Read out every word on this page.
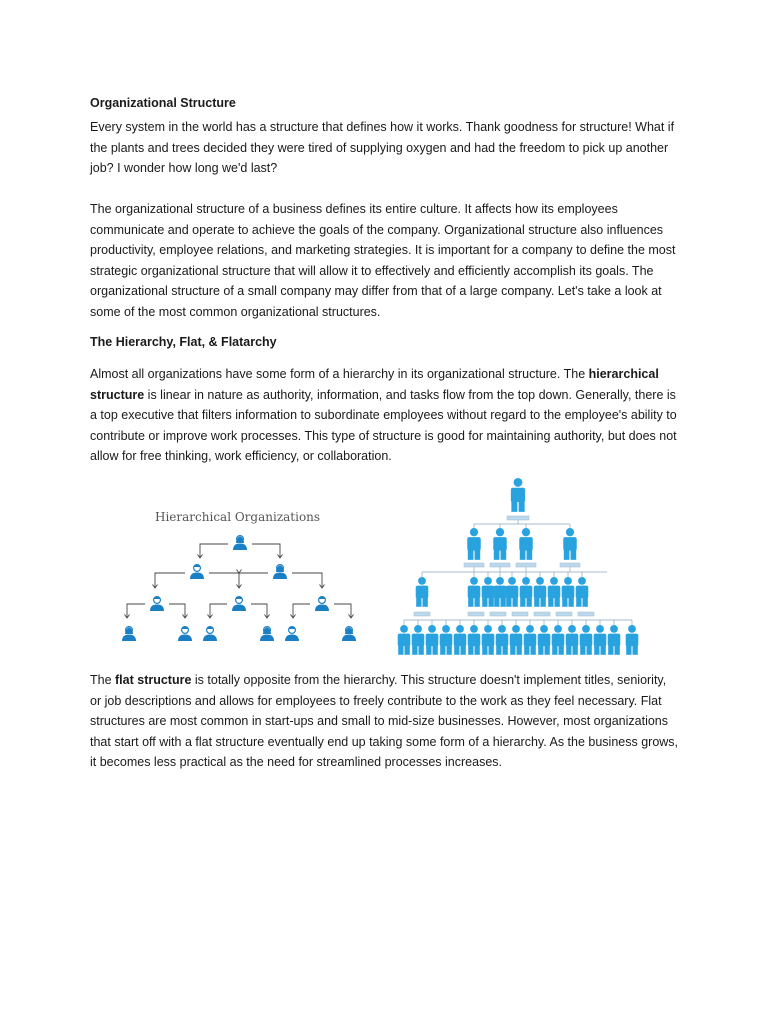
Organizational Structure

Every system in the world has a structure that defines how it works. Thank goodness for structure! What if the plants and trees decided they were tired of supplying oxygen and had the freedom to pick up another job? I wonder how long we'd last?

The organizational structure of a business defines its entire culture. It affects how its employees communicate and operate to achieve the goals of the company. Organizational structure also influences productivity, employee relations, and marketing strategies. It is important for a company to define the most strategic organizational structure that will allow it to effectively and efficiently accomplish its goals. The organizational structure of a small company may differ from that of a large company. Let's take a look at some of the most common organizational structures.

The Hierarchy, Flat, & Flatarchy

Almost all organizations have some form of a hierarchy in its organizational structure. The hierarchical structure is linear in nature as authority, information, and tasks flow from the top down. Generally, there is a top executive that filters information to subordinate employees without regard to the employee's ability to contribute or improve work processes. This type of structure is good for maintaining authority, but does not allow for free thinking, work efficiency, or collaboration.

The flat structure is totally opposite from the hierarchy. This structure doesn't implement titles, seniority, or job descriptions and allows for employees to freely contribute to the work as they feel necessary. Flat structures are most common in start-ups and small to mid-size businesses. However, most organizations that start off with a flat structure eventually end up taking some form of a hierarchy. As the business grows, it becomes less practical as the need for streamlined processes increases.

Hierarchical Organizations
